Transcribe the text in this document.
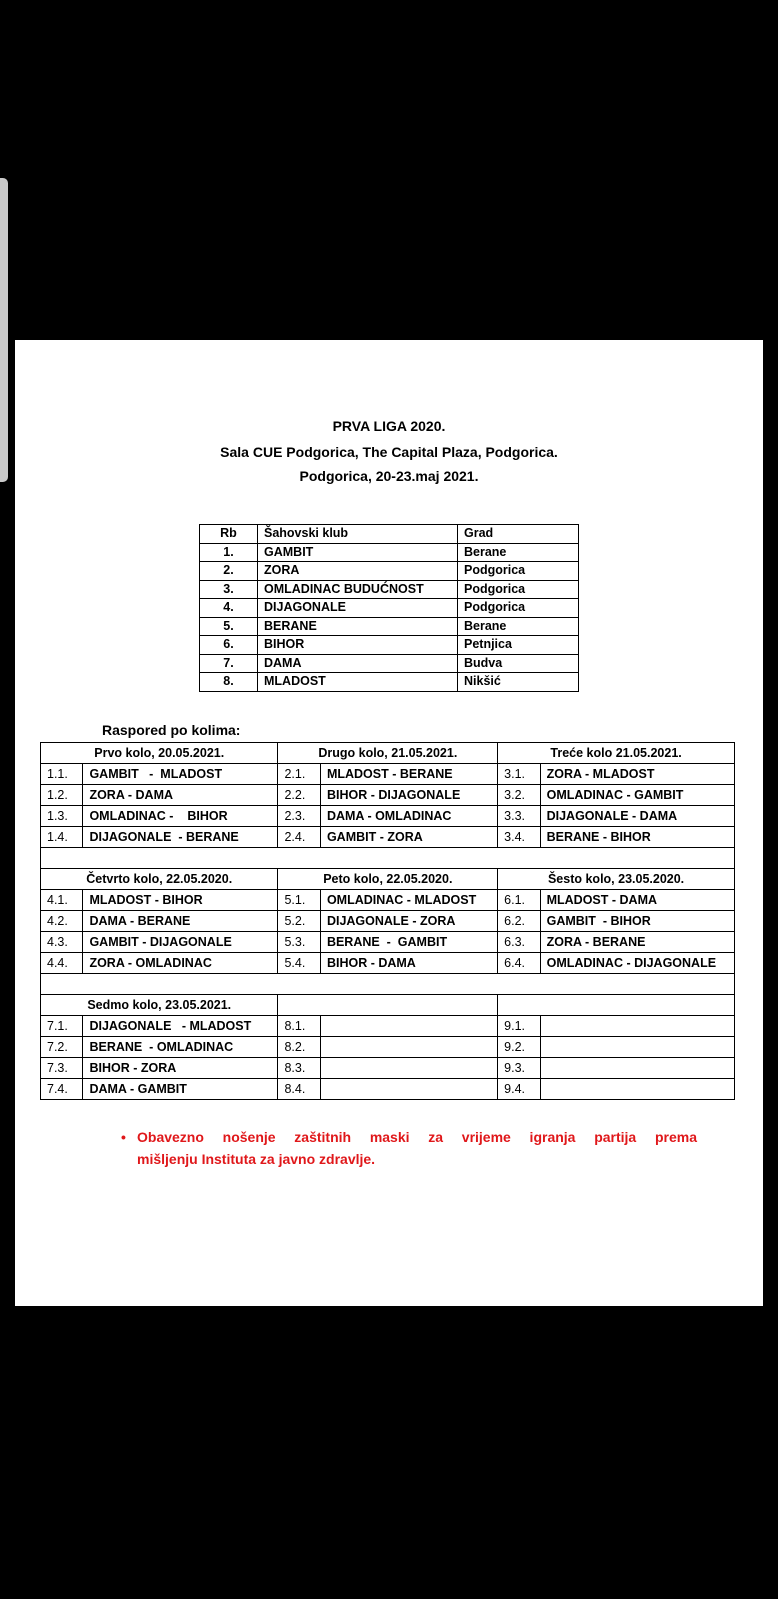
PRVA LIGA 2020.
Sala CUE Podgorica, The Capital Plaza, Podgorica.
Podgorica, 20-23.maj 2021.
Rb	Šahovski klub	Grad
1.	GAMBIT	Berane
2.	ZORA	Podgorica
3.	OMLADINAC BUDUĆNOST	Podgorica
4.	DIJAGONALE	Podgorica
5.	BERANE	Berane
6.	BIHOR	Petnjica
7.	DAMA	Budva
8.	MLADOST	Nikšić
Raspored po kolima:
Prvo kolo, 20.05.2021.		Drugo kolo, 21.05.2021.		Treće kolo 21.05.2021.	
1.1.	GAMBIT   -  MLADOST	2.1.	MLADOST - BERANE	3.1.	ZORA - MLADOST
1.2.	ZORA - DAMA	2.2.	BIHOR - DIJAGONALE	3.2.	OMLADINAC - GAMBIT
1.3.	OMLADINAC -    BIHOR	2.3.	DAMA - OMLADINAC	3.3.	DIJAGONALE - DAMA
1.4.	DIJAGONALE  - BERANE	2.4.	GAMBIT - ZORA	3.4.	BERANE - BIHOR

Četvrto kolo, 22.05.2020.		Peto kolo, 22.05.2020.		Šesto kolo, 23.05.2020.	
4.1.	MLADOST - BIHOR	5.1.	OMLADINAC - MLADOST	6.1.	MLADOST - DAMA
4.2.	DAMA - BERANE	5.2.	DIJAGONALE - ZORA	6.2.	GAMBIT  - BIHOR
4.3.	GAMBIT - DIJAGONALE	5.3.	BERANE  -  GAMBIT	6.3.	ZORA - BERANE
4.4.	ZORA - OMLADINAC	5.4.	BIHOR - DAMA	6.4.	OMLADINAC - DIJAGONALE

Sedmo kolo, 23.05.2021.					
7.1.	DIJAGONALE   - MLADOST	8.1.		9.1.	
7.2.	BERANE  - OMLADINAC	8.2.		9.2.	
7.3.	BIHOR - ZORA	8.3.		9.3.	
7.4.	DAMA - GAMBIT	8.4.		9.4.	
• Obavezno nošenje zaštitnih maski za vrijeme igranja partija prema
mišljenju Instituta za javno zdravlje.
